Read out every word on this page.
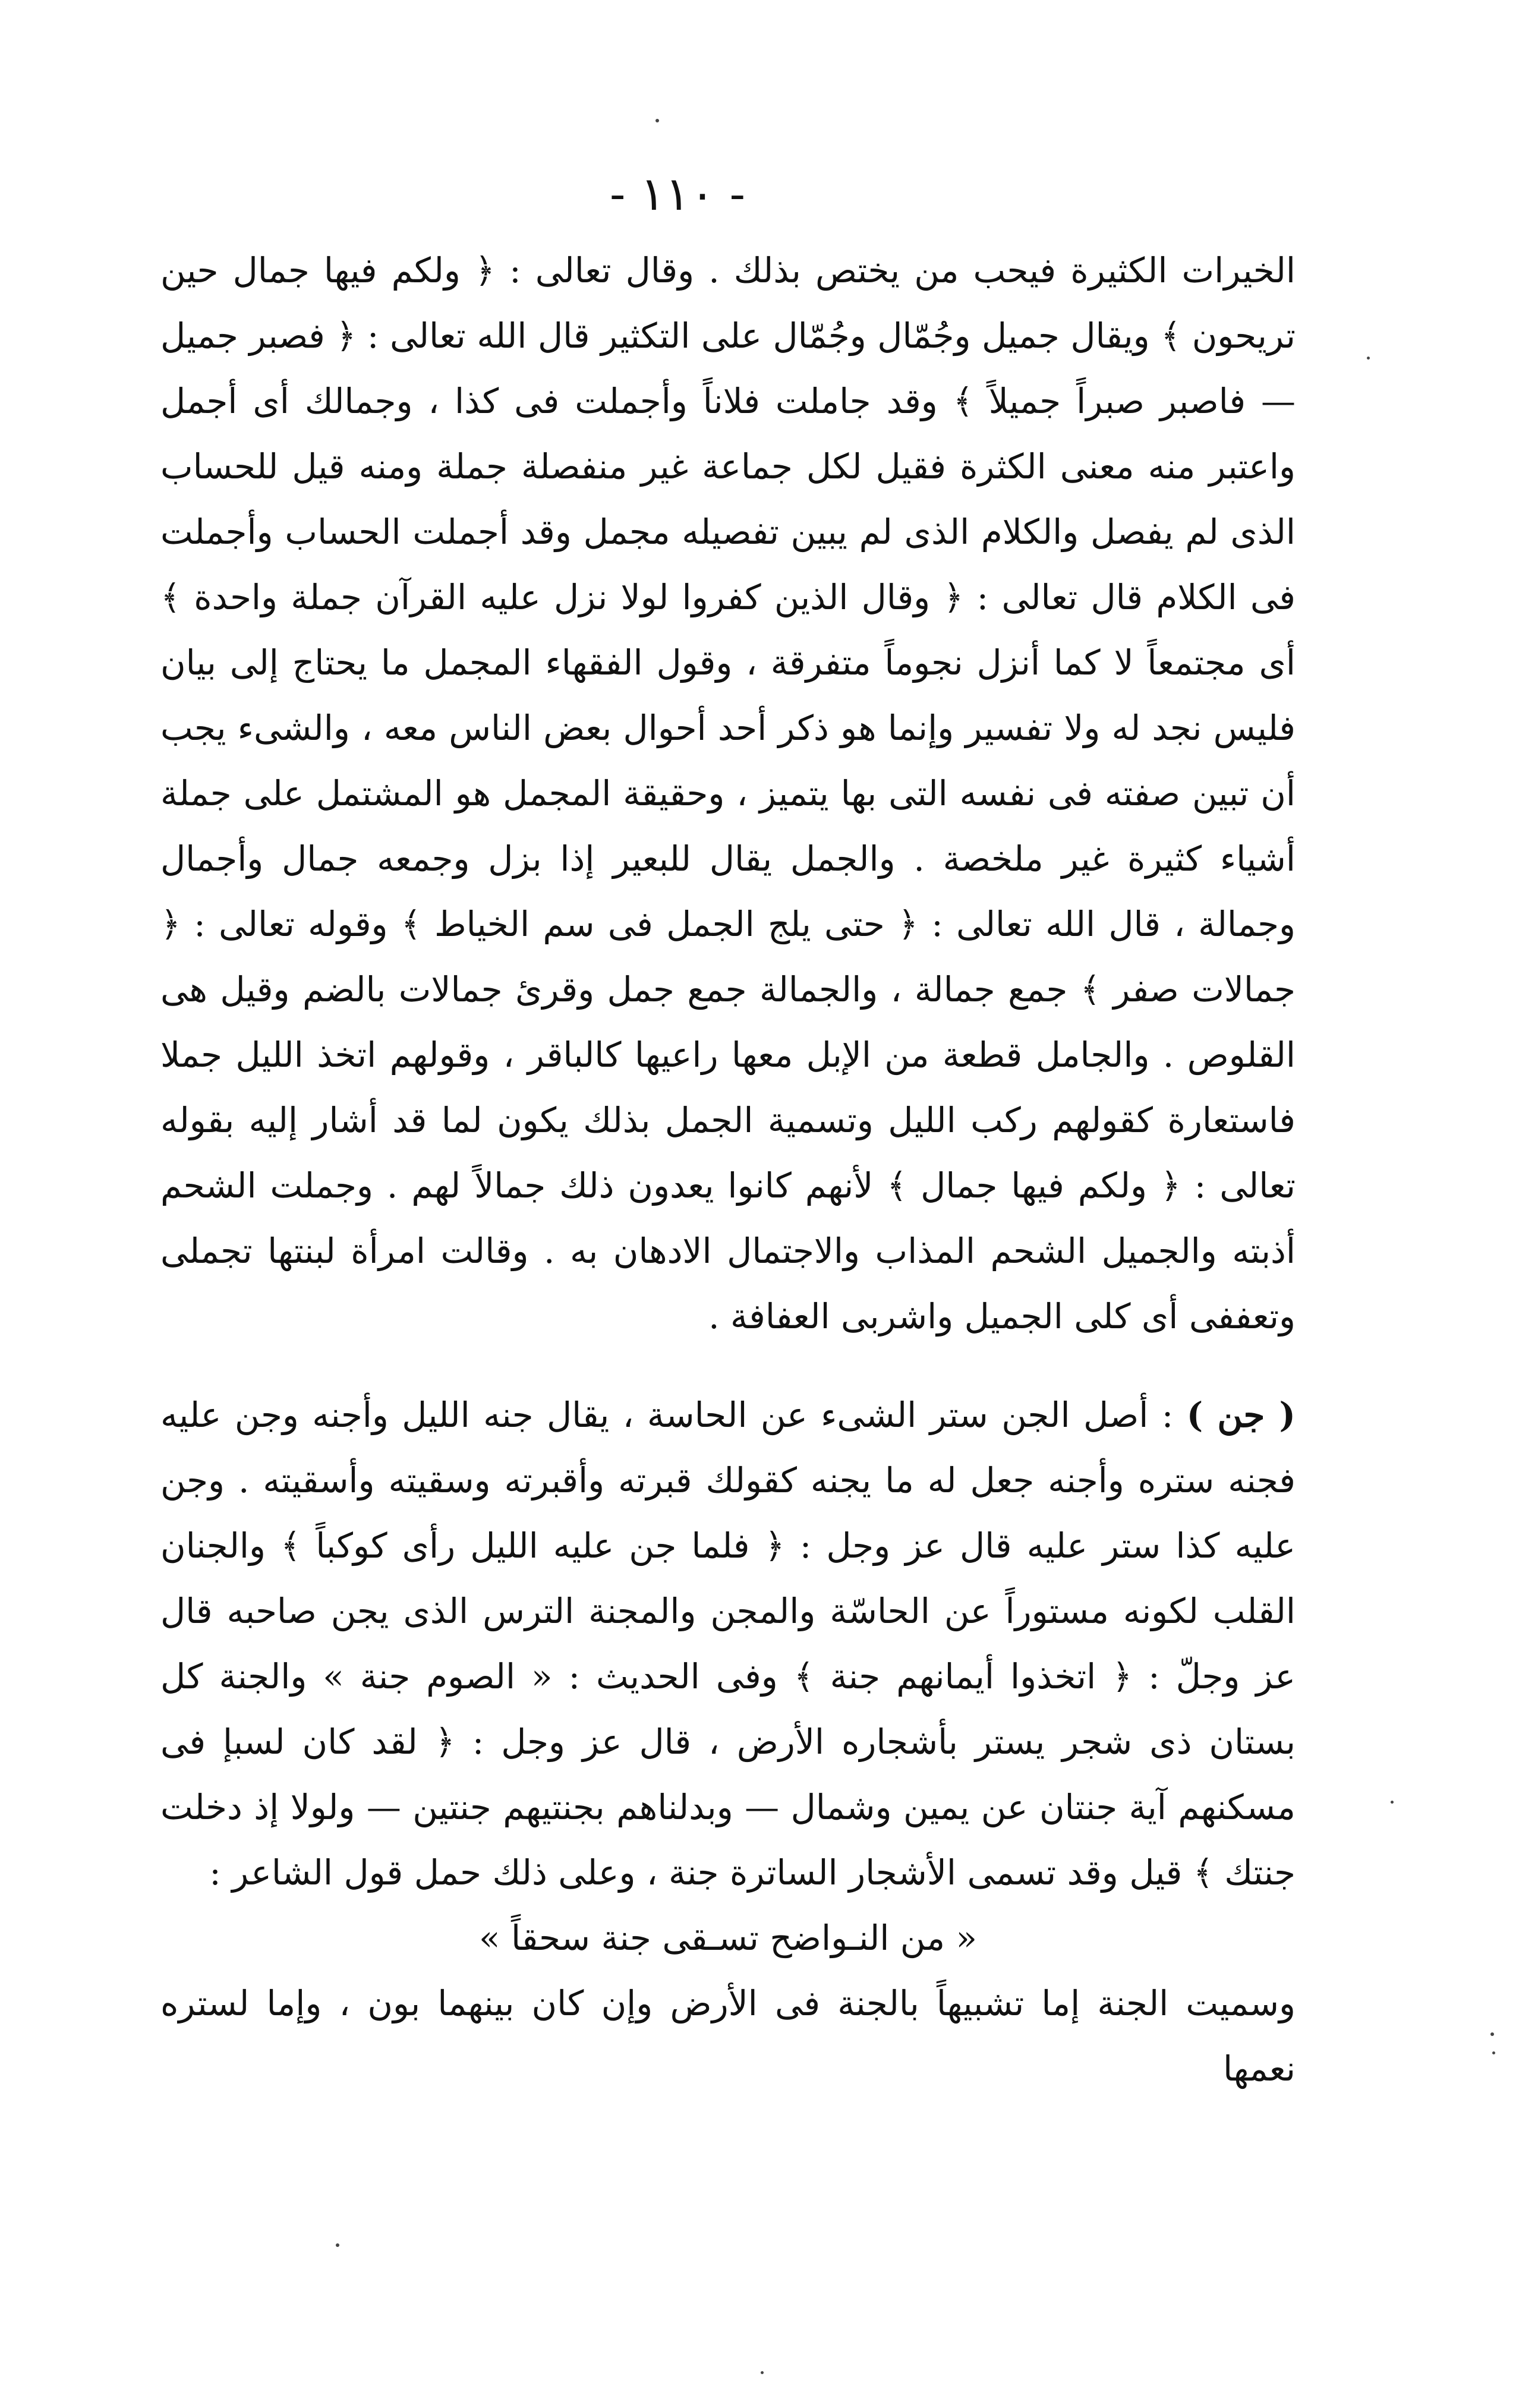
- ١١٠ -

الخيرات الكثيرة فيحب من يختص بذلك . وقال تعالى : ﴿ ولكم فيها جمال حين تريحون ﴾ ويقال جميل وجُمّال وجُمّال على التكثير قال الله تعالى : ﴿ فصبر جميل — فاصبر صبراً جميلاً ﴾ وقد جاملت فلاناً وأجملت فى كذا ، وجمالك أى أجمل واعتبر منه معنى الكثرة فقيل لكل جماعة غير منفصلة جملة ومنه قيل للحساب الذى لم يفصل والكلام الذى لم يبين تفصيله مجمل وقد أجملت الحساب وأجملت فى الكلام قال تعالى : ﴿ وقال الذين كفروا لولا نزل عليه القرآن جملة واحدة ﴾ أى مجتمعاً لا كما أنزل نجوماً متفرقة ، وقول الفقهاء المجمل ما يحتاج إلى بيان فليس نجد له ولا تفسير وإنما هو ذكر أحد أحوال بعض الناس معه ، والشىء يجب أن تبين صفته فى نفسه التى بها يتميز ، وحقيقة المجمل هو المشتمل على جملة أشياء كثيرة غير ملخصة . والجمل يقال للبعير إذا بزل وجمعه جمال وأجمال وجمالة ، قال الله تعالى : ﴿ حتى يلج الجمل فى سم الخياط ﴾ وقوله تعالى : ﴿ جمالات صفر ﴾ جمع جمالة ، والجمالة جمع جمل وقرئ جمالات بالضم وقيل هى القلوص . والجامل قطعة من الإبل معها راعيها كالباقر ، وقولهم اتخذ الليل جملا فاستعارة كقولهم ركب الليل وتسمية الجمل بذلك يكون لما قد أشار إليه بقوله تعالى : ﴿ ولكم فيها جمال ﴾ لأنهم كانوا يعدون ذلك جمالاً لهم . وجملت الشحم أذبته والجميل الشحم المذاب والاجتمال الادهان به . وقالت امرأة لبنتها تجملى وتعففى أى كلى الجميل واشربى العفافة .

( جن ) : أصل الجن ستر الشىء عن الحاسة ، يقال جنه الليل وأجنه وجن عليه فجنه ستره وأجنه جعل له ما يجنه كقولك قبرته وأقبرته وسقيته وأسقيته . وجن عليه كذا ستر عليه قال عز وجل : ﴿ فلما جن عليه الليل رأى كوكباً ﴾ والجنان القلب لكونه مستوراً عن الحاسّة والمجن والمجنة الترس الذى يجن صاحبه قال عز وجلّ : ﴿ اتخذوا أيمانهم جنة ﴾ وفى الحديث : « الصوم جنة » والجنة كل بستان ذى شجر يستر بأشجاره الأرض ، قال عز وجل : ﴿ لقد كان لسبإ فى مسكنهم آية جنتان عن يمين وشمال — وبدلناهم بجنتيهم جنتين — ولولا إذ دخلت جنتك ﴾ قيل وقد تسمى الأشجار الساترة جنة ، وعلى ذلك حمل قول الشاعر :

« من النـواضح تسـقى جنة سحقاً »

وسميت الجنة إما تشبيهاً بالجنة فى الأرض وإن كان بينهما بون ، وإما لستره نعمها
